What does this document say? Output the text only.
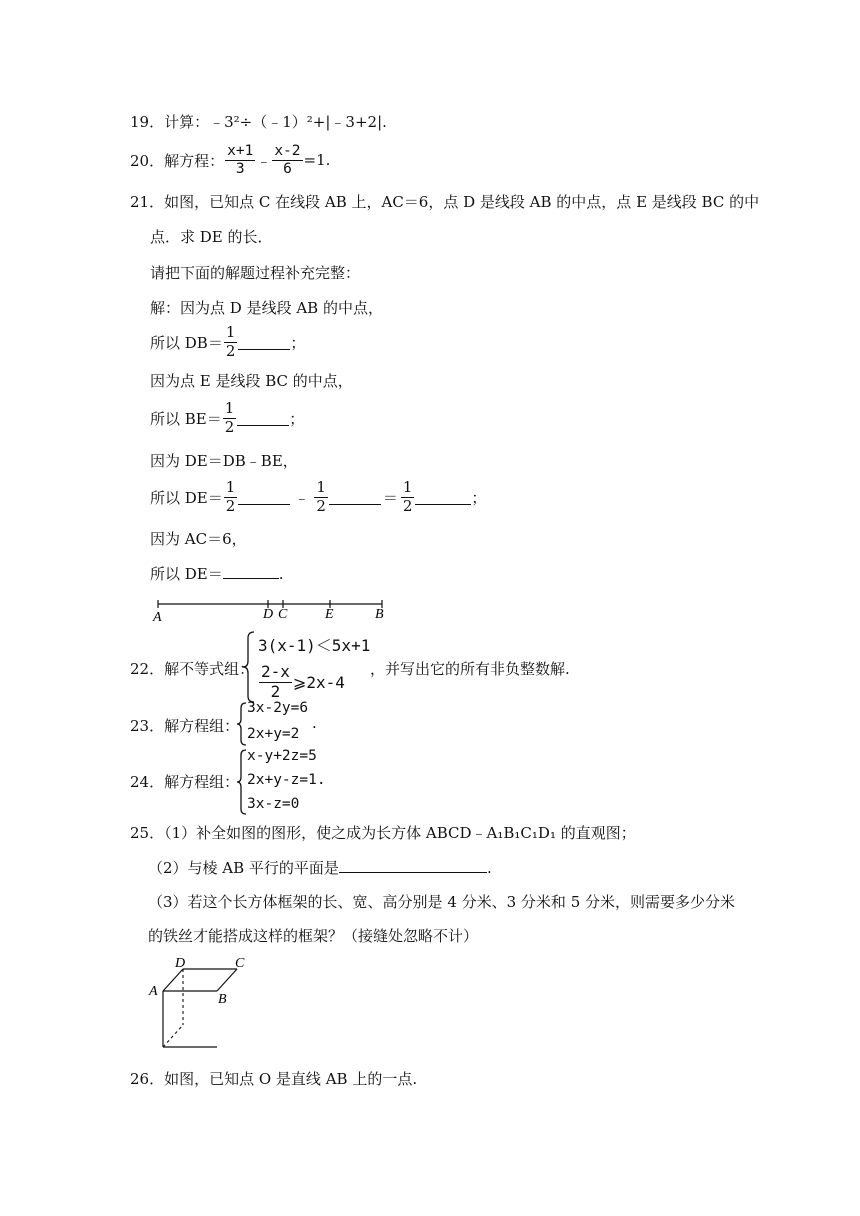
19．计算：﹣3²÷（﹣1）²+|﹣3+2|.
20． 解方程： $\frac{x+1}{3}$ ﹣ $\frac{x-2}{6} =1$.
21．如图，已知点 C 在线段 AB 上，AC＝6，点 D 是线段 AB 的中点，点 E 是线段 BC 的中
点．求 DE 的长．
请把下面的解题过程补充完整：
解：因为点 D 是线段 AB 的中点，
所以 $DB= \frac{1}{2}$	；
因为点 E 是线段 BC 的中点，
所以 $BE= \frac{1}{2}$	；
因为 DE＝DB﹣BE，
所以 $DE= \frac{1}{2}$	﹣ $\frac{1}{2}$	＝ $\frac{1}{2}$	；
因为 AC＝6，
所以 DE＝	.
A	D C	E	B
22．解不等式组：
3(x-1)＜5x+1
$\frac{2-x}{2}$ ⩾2x-4
，并写出它的所有非负整数解.
23．解方程组：
3x-2y=6
2x+y=2
.
24．解方程组：
x-y+2z=5
2x+y-z=1.
3x-z=0
25．（1）补全如图的图形，使之成为长方体 ABCD﹣A₁B₁C₁D₁ 的直观图；
（2）与棱 AB 平行的平面是	.
（3）若这个长方体框架的长、宽、高分别是 4 分米、3 分米和 5 分米，则需要多少分米
的铁丝才能搭成这样的框架？（接缝处忽略不计）
A
B
C
D
26．如图，已知点 O 是直线 AB 上的一点.
